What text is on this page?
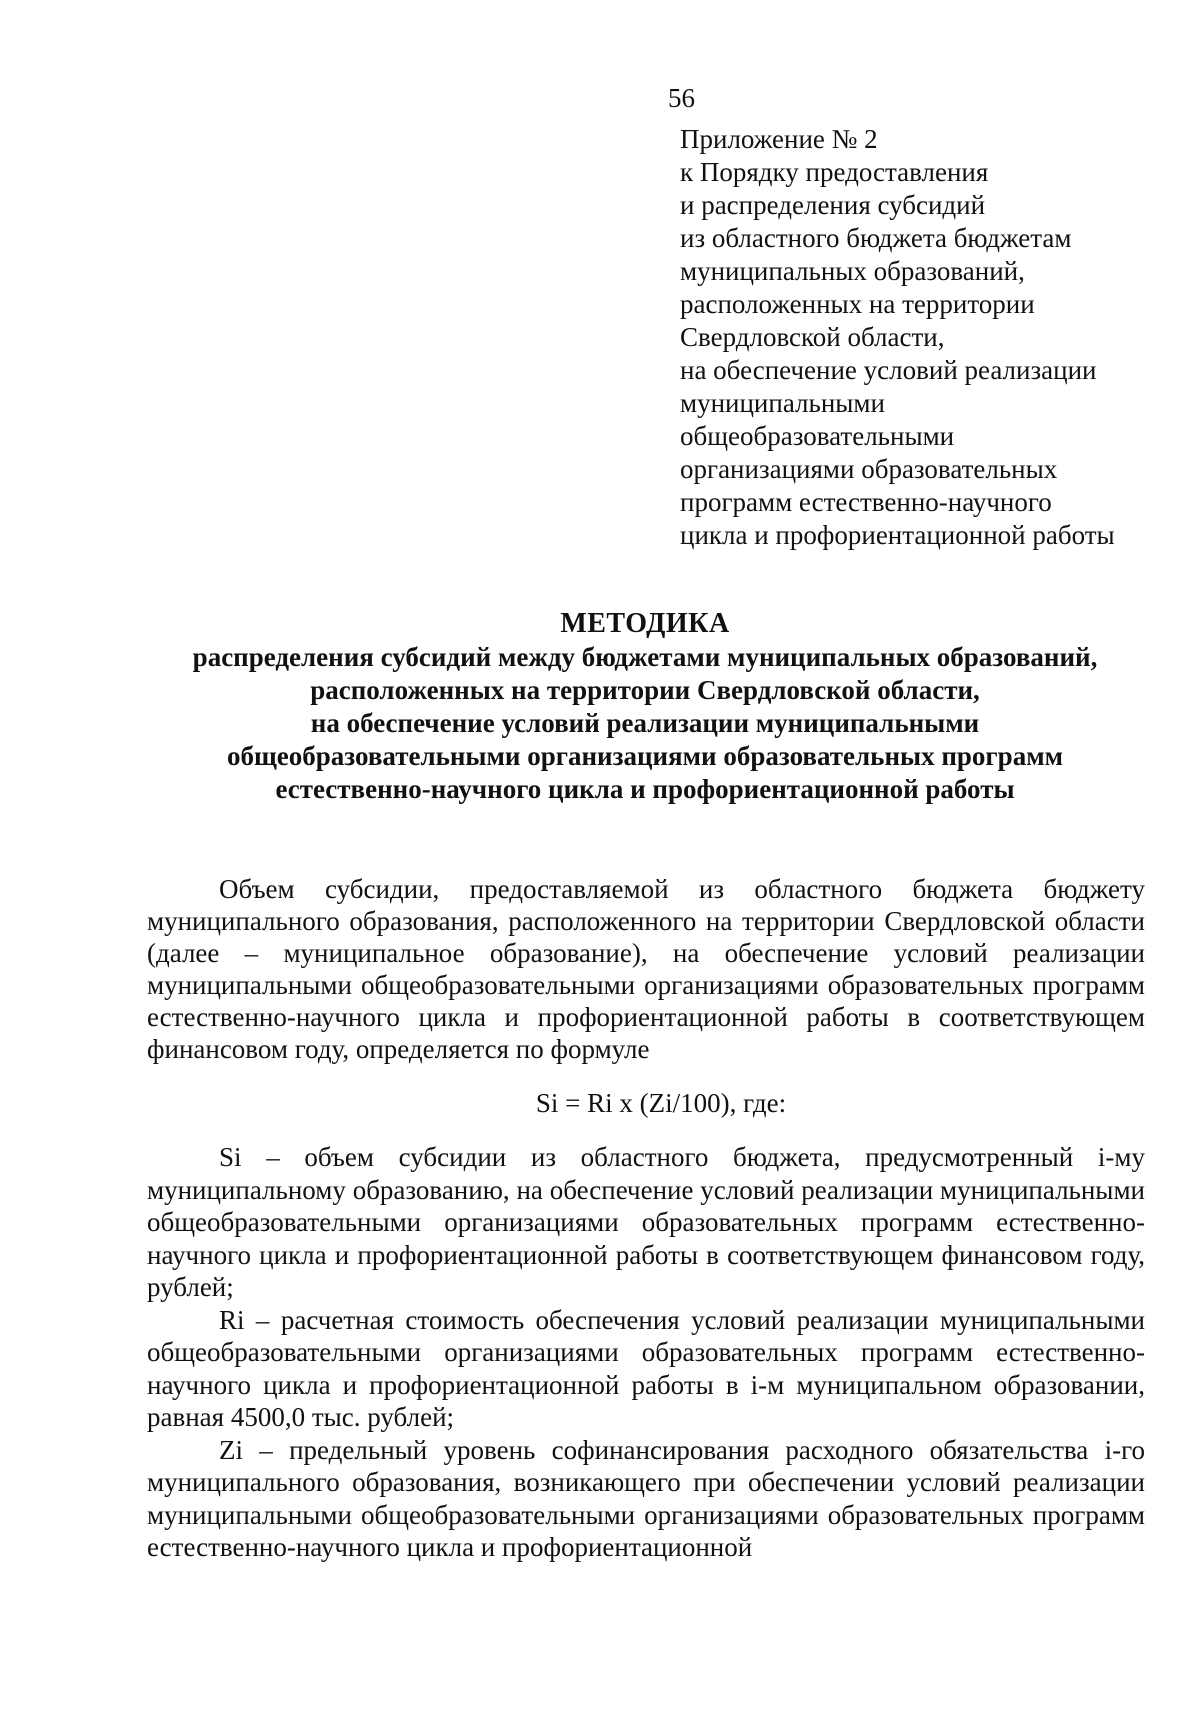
56
Приложение № 2
к Порядку предоставления
и распределения субсидий
из областного бюджета бюджетам
муниципальных образований,
расположенных на территории
Свердловской области,
на обеспечение условий реализации
муниципальными
общеобразовательными
организациями образовательных
программ естественно-научного
цикла и профориентационной работы
МЕТОДИКА
распределения субсидий между бюджетами муниципальных образований,
расположенных на территории Свердловской области,
на обеспечение условий реализации муниципальными
общеобразовательными организациями образовательных программ
естественно-научного цикла и профориентационной работы

Объем субсидии, предоставляемой из областного бюджета бюджету муниципального образования, расположенного на территории Свердловской области (далее – муниципальное образование), на обеспечение условий реализации муниципальными общеобразовательными организациями образовательных программ естественно-научного цикла и профориентационной работы в соответствующем финансовом году, определяется по формуле

Si = Ri x (Zi/100), где:

Si – объем субсидии из областного бюджета, предусмотренный i-му муниципальному образованию, на обеспечение условий реализации муниципальными общеобразовательными организациями образовательных программ естественно-научного цикла и профориентационной работы в соответствующем финансовом году, рублей;

Ri – расчетная стоимость обеспечения условий реализации муниципальными общеобразовательными организациями образовательных программ естественно-научного цикла и профориентационной работы в i-м муниципальном образовании, равная 4500,0 тыс. рублей;

Zi – предельный уровень софинансирования расходного обязательства i-го муниципального образования, возникающего при обеспечении условий реализации муниципальными общеобразовательными организациями образовательных программ естественно-научного цикла и профориентационной
